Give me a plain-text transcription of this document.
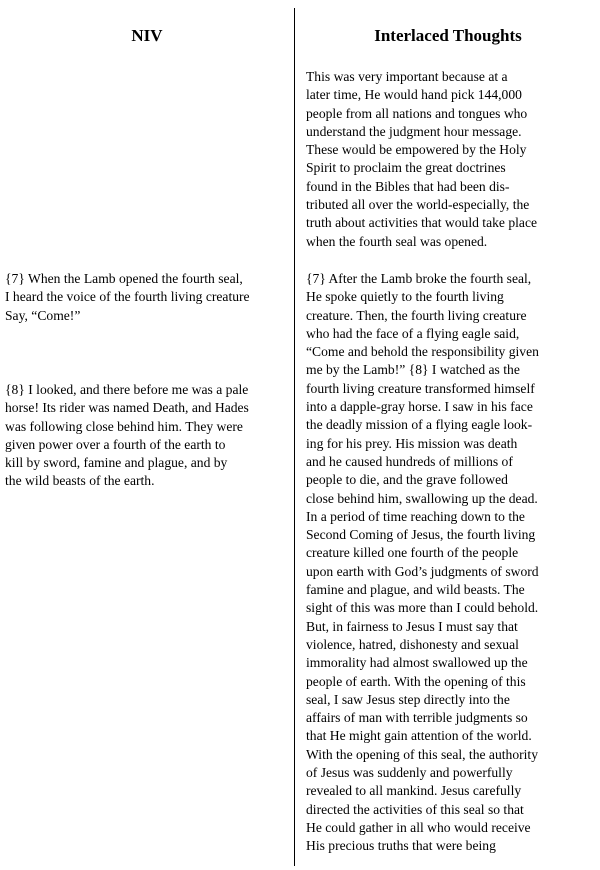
NIV	Interlaced Thoughts
This was very important because at a
later time, He would hand pick 144,000
people from all nations and tongues who
understand the judgment hour message.
These would be empowered by the Holy
Spirit to proclaim the great doctrines
found in the Bibles that had been dis-
tributed all over the world-especially, the
truth about activities that would take place
when the fourth seal was opened.
{7} When the Lamb opened the fourth seal,
I heard the voice of the fourth living creature
Say, “Come!”
{8} I looked, and there before me was a pale
horse! Its rider was named Death, and Hades
was following close behind him. They were
given power over a fourth of the earth to
kill by sword, famine and plague, and by
the wild beasts of the earth.
{7} After the Lamb broke the fourth seal,
He spoke quietly to the fourth living
creature. Then, the fourth living creature
who had the face of a flying eagle said,
“Come and behold the responsibility given
me by the Lamb!” {8} I watched as the
fourth living creature transformed himself
into a dapple-gray horse. I saw in his face
the deadly mission of a flying eagle look-
ing for his prey. His mission was death
and he caused hundreds of millions of
people to die, and the grave followed
close behind him, swallowing up the dead.
In a period of time reaching down to the
Second Coming of Jesus, the fourth living
creature killed one fourth of the people
upon earth with God’s judgments of sword
famine and plague, and wild beasts. The
sight of this was more than I could behold.
But, in fairness to Jesus I must say that
violence, hatred, dishonesty and sexual
immorality had almost swallowed up the
people of earth. With the opening of this
seal, I saw Jesus step directly into the
affairs of man with terrible judgments so
that He might gain attention of the world.
With the opening of this seal, the authority
of Jesus was suddenly and powerfully
revealed to all mankind. Jesus carefully
directed the activities of this seal so that
He could gather in all who would receive
His precious truths that were being
